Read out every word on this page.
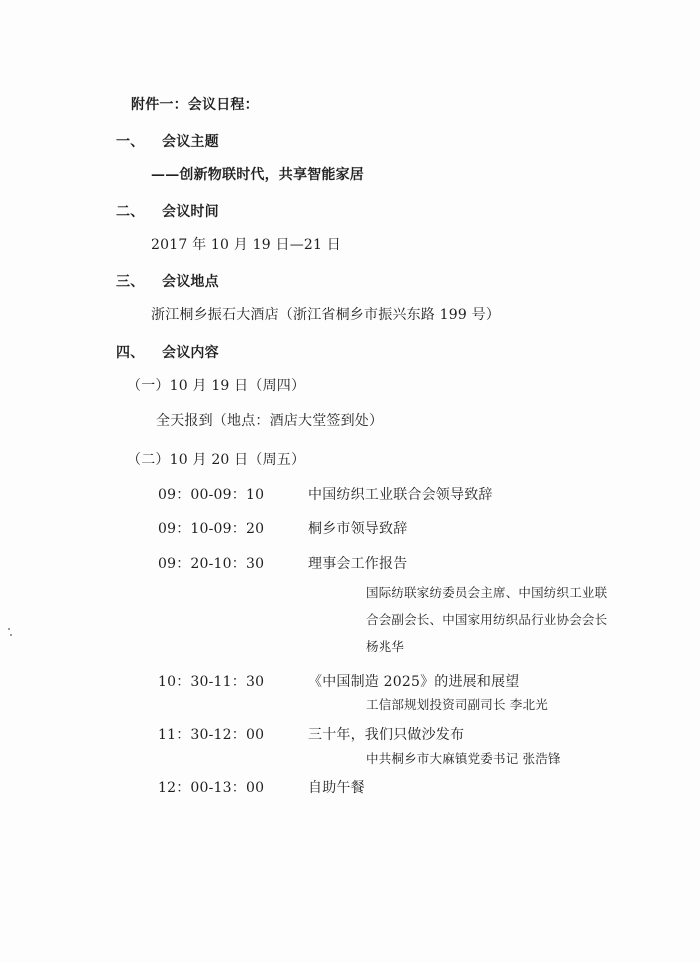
附件一：会议日程：
一、 会议主题
——创新物联时代，共享智能家居
二、 会议时间
2017 年 10 月 19 日—21 日
三、 会议地点
浙江桐乡振石大酒店（浙江省桐乡市振兴东路 199 号）
四、 会议内容
（一）10 月 19 日（周四）
全天报到（地点：酒店大堂签到处）
（二）10 月 20 日（周五）
09：00-09：10	中国纺织工业联合会领导致辞
09：10-09：20	桐乡市领导致辞
09：20-10：30	理事会工作报告
国际纺联家纺委员会主席、中国纺织工业联
合会副会长、中国家用纺织品行业协会会长
杨兆华
10：30-11：30	《中国制造 2025》的进展和展望
工信部规划投资司副司长 李北光
11：30-12：00	三十年，我们只做沙发布
中共桐乡市大麻镇党委书记 张浩锋
12：00-13：00	自助午餐
